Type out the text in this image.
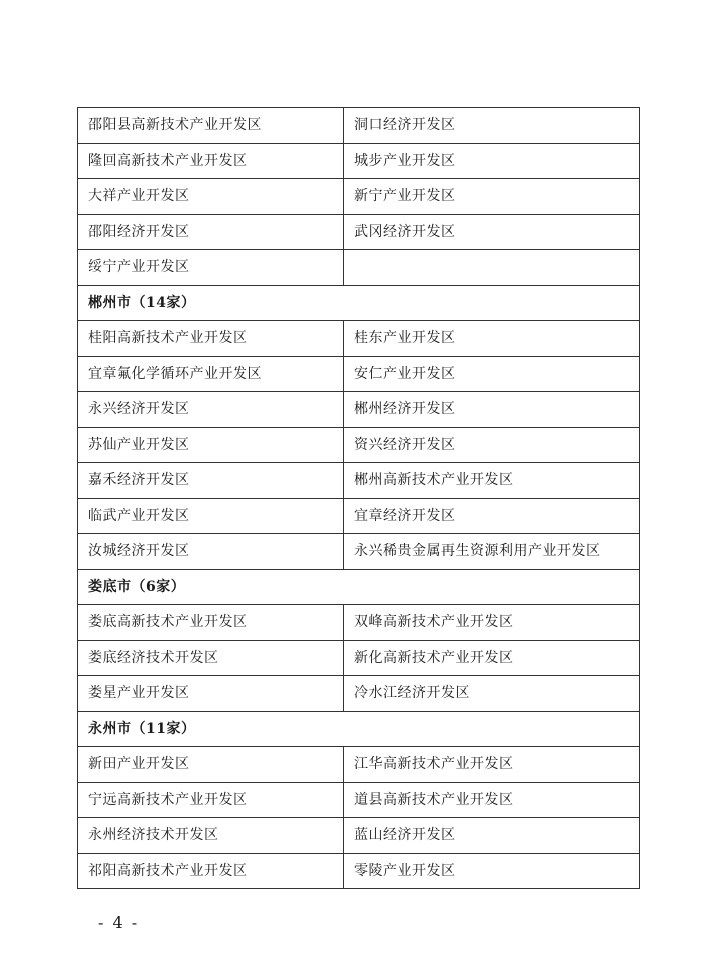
邵阳县高新技术产业开发区	洞口经济开发区
隆回高新技术产业开发区	城步产业开发区
大祥产业开发区	新宁产业开发区
邵阳经济开发区	武冈经济开发区
绥宁产业开发区	
郴州市（14家）	
桂阳高新技术产业开发区	桂东产业开发区
宜章氟化学循环产业开发区	安仁产业开发区
永兴经济开发区	郴州经济开发区
苏仙产业开发区	资兴经济开发区
嘉禾经济开发区	郴州高新技术产业开发区
临武产业开发区	宜章经济开发区
汝城经济开发区	永兴稀贵金属再生资源利用产业开发区
娄底市（6家）	
娄底高新技术产业开发区	双峰高新技术产业开发区
娄底经济技术开发区	新化高新技术产业开发区
娄星产业开发区	冷水江经济开发区
永州市（11家）	
新田产业开发区	江华高新技术产业开发区
宁远高新技术产业开发区	道县高新技术产业开发区
永州经济技术开发区	蓝山经济开发区
祁阳高新技术产业开发区	零陵产业开发区
- 4 -
